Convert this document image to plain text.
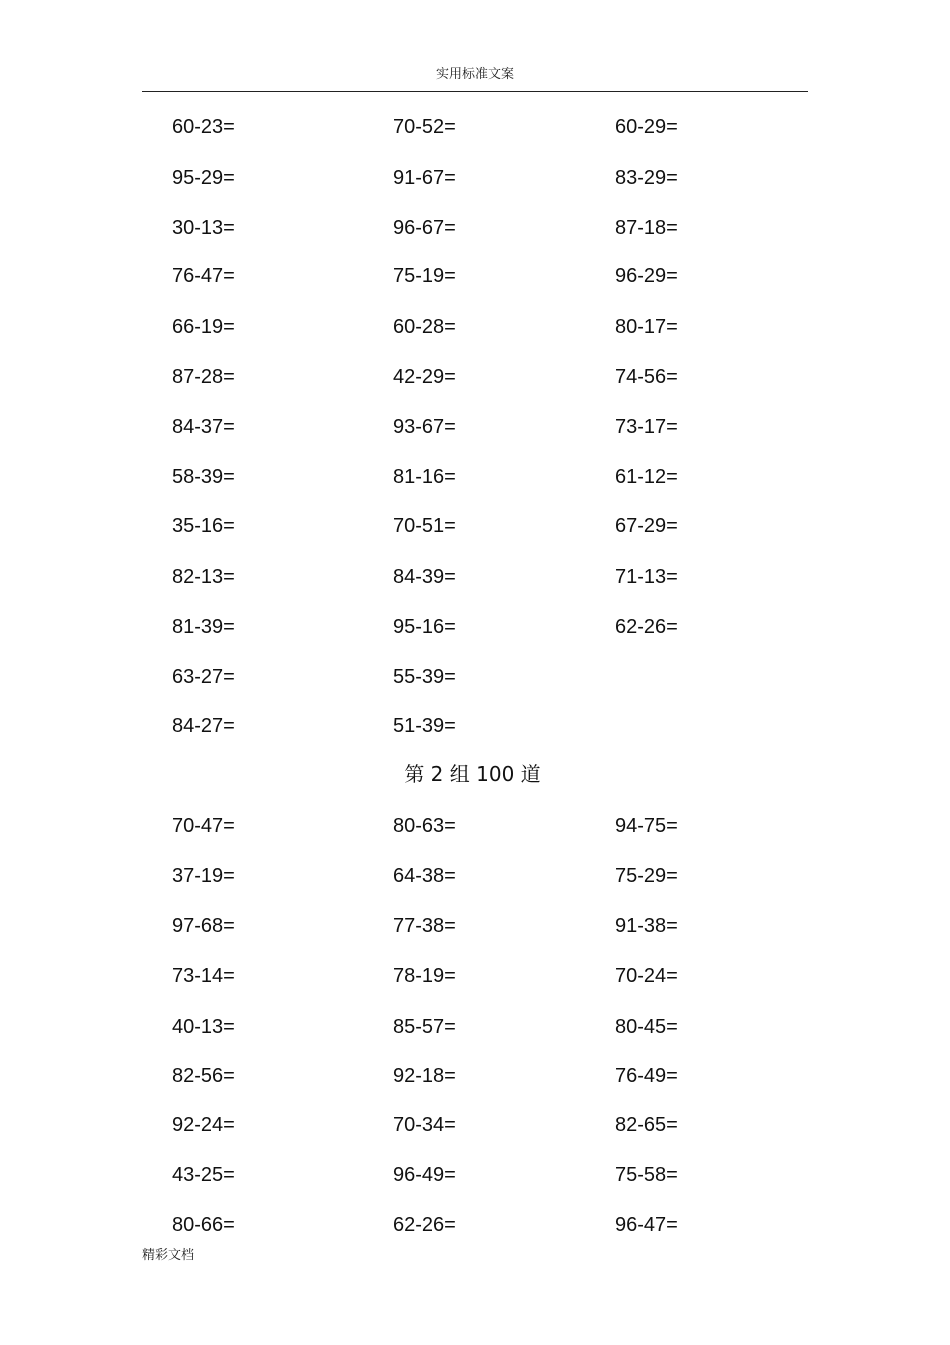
实用标准文案
60-23=	70-52=	60-29=
95-29=	91-67=	83-29=
30-13=	96-67=	87-18=
76-47=	75-19=	96-29=
66-19=	60-28=	80-17=
87-28=	42-29=	74-56=
84-37=	93-67=	73-17=
58-39=	81-16=	61-12=
35-16=	70-51=	67-29=
82-13=	84-39=	71-13=
81-39=	95-16=	62-26=
63-27=	55-39=
84-27=	51-39=
第 2 组 100 道
70-47=	80-63=	94-75=
37-19=	64-38=	75-29=
97-68=	77-38=	91-38=
73-14=	78-19=	70-24=
40-13=	85-57=	80-45=
82-56=	92-18=	76-49=
92-24=	70-34=	82-65=
43-25=	96-49=	75-58=
80-66=	62-26=	96-47=
精彩文档
